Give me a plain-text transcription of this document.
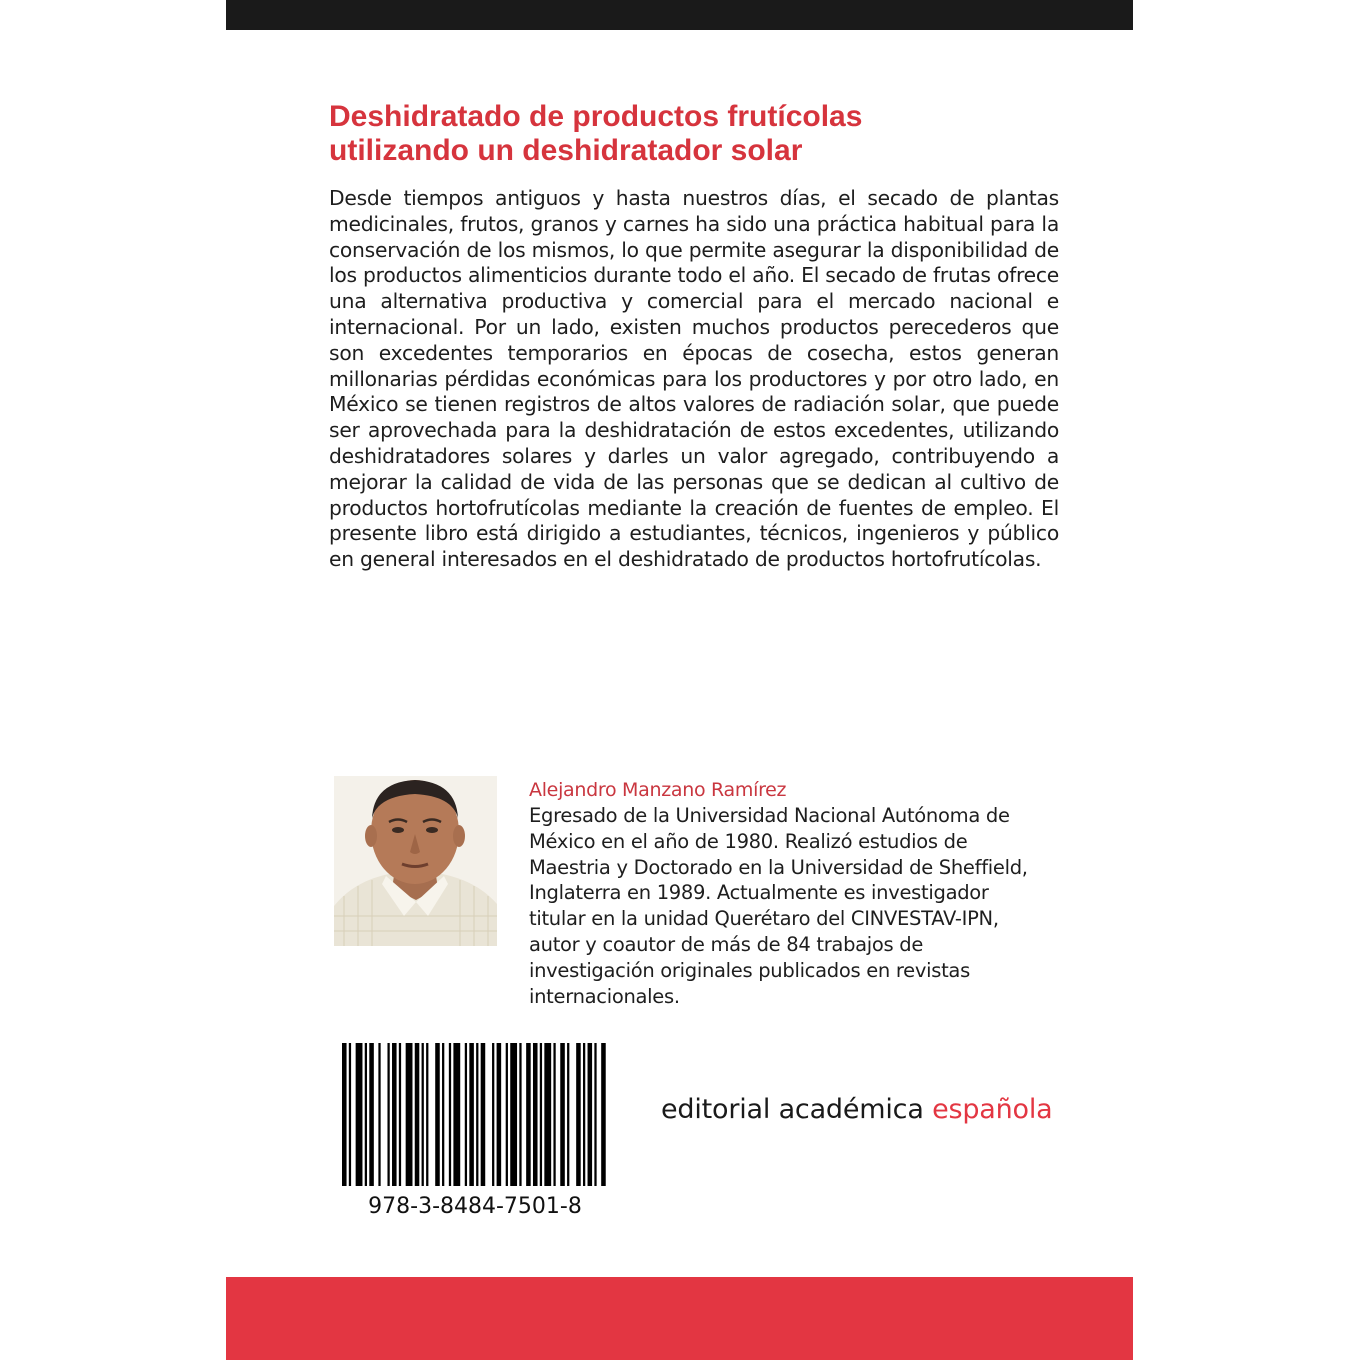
Deshidratado de productos frutícolas
utilizando un deshidratador solar

Desde tiempos antiguos y hasta nuestros días, el secado de plantas medicinales, frutos, granos y carnes ha sido una práctica habitual para la conservación de los mismos, lo que permite asegurar la disponibilidad de los productos alimenticios durante todo el año. El secado de frutas ofrece una alternativa productiva y comercial para el mercado nacional e internacional. Por un lado, existen muchos productos perecederos que son excedentes temporarios en épocas de cosecha, estos generan millonarias pérdidas económicas para los productores y por otro lado, en México se tienen registros de altos valores de radiación solar, que puede ser aprovechada para la deshidratación de estos excedentes, utilizando deshidratadores solares y darles un valor agregado, contribuyendo a mejorar la calidad de vida de las personas que se dedican al cultivo de productos hortofrutícolas mediante la creación de fuentes de empleo. El presente libro está dirigido a estudiantes, técnicos, ingenieros y público en general interesados en el deshidratado de productos hortofrutícolas.

Alejandro Manzano Ramírez

Egresado de la Universidad Nacional Autónoma de México en el año de 1980. Realizó estudios de Maestria y Doctorado en la Universidad de Sheffield, Inglaterra en 1989. Actualmente es investigador titular en la unidad Querétaro del CINVESTAV-IPN, autor y coautor de más de 84 trabajos de investigación originales publicados en revistas internacionales.

978-3-8484-7501-8
editorial académica española
